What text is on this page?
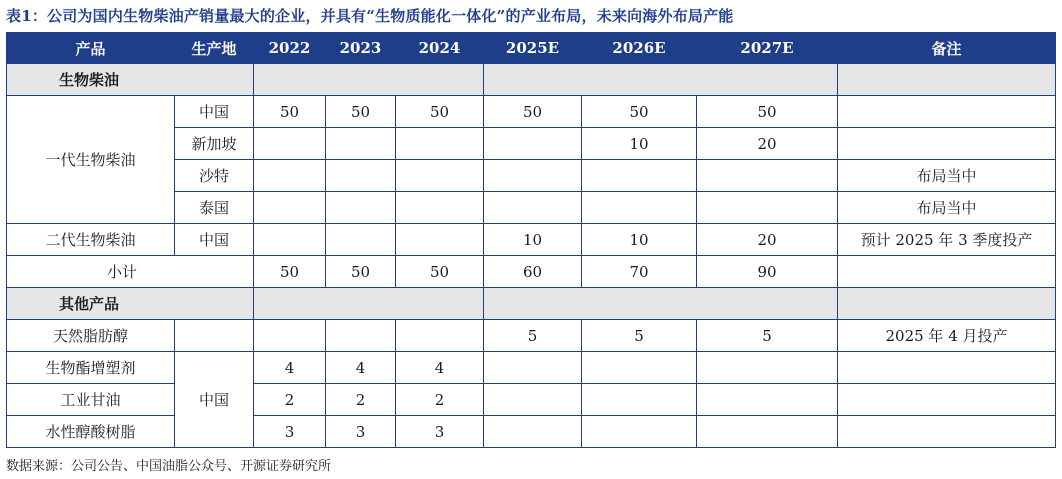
表1：公司为国内生物柴油产销量最大的企业，并具有“生物质能化一体化”的产业布局，未来向海外布局产能
产品	生产地	2022	2023	2024	2025E	2026E	2027E	备注
生物柴油								
一代生物柴油	中国	50	50	50	50	50	50	
	新加坡					10	20	
	沙特							布局当中
	泰国							布局当中
二代生物柴油	中国				10	10	20	预计 2025 年 3 季度投产
小计		50	50	50	60	70	90	
其他产品								
天然脂肪醇					5	5	5	2025 年 4 月投产
生物酯增塑剂	中国	4	4	4				
工业甘油		2	2	2				
水性醇酸树脂		3	3	3				
数据来源：公司公告、中国油脂公众号、开源证券研究所
